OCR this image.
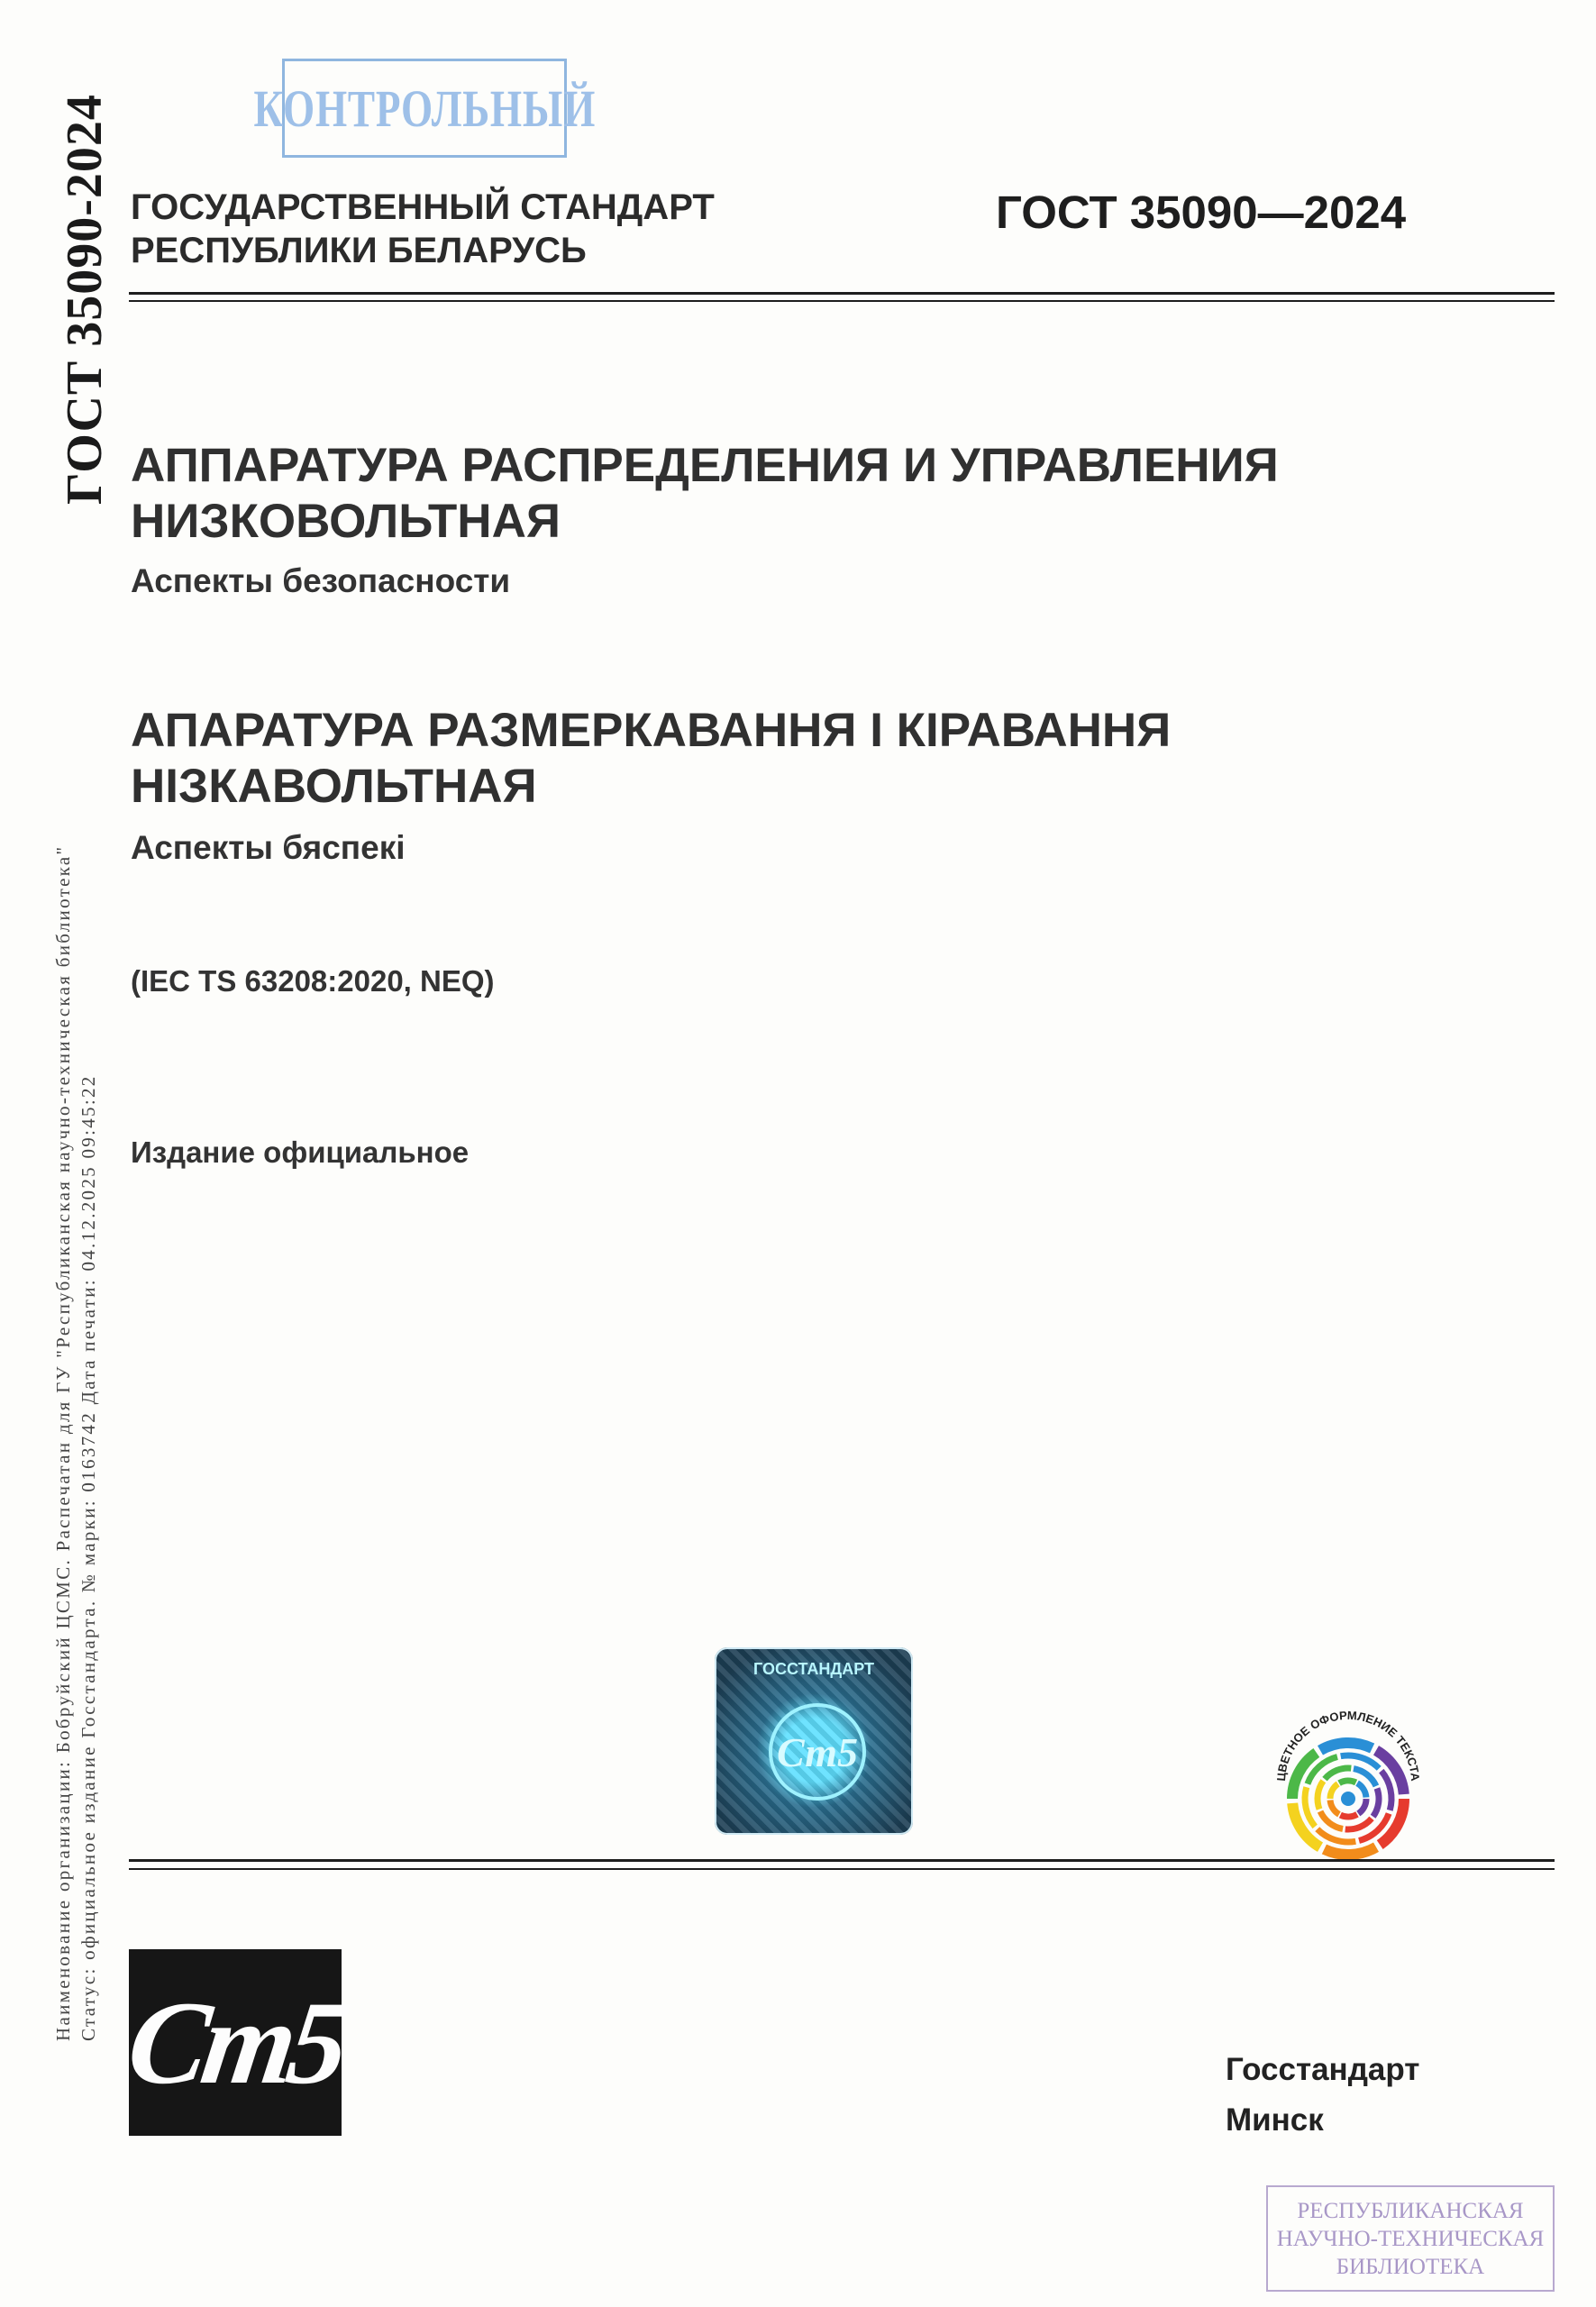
ГОСТ 35090-2024
Наименование организации: Бобруйский ЦСМС. Распечатан для ГУ "Республиканская научно-техническая библиотека" Статус: официальное издание Госстандарта. № марки: 0163742 Дата печати: 04.12.2025 09:45:22
КОНТРОЛЬНЫЙ
ГОСУДАРСТВЕННЫЙ СТАНДАРТ
РЕСПУБЛИКИ БЕЛАРУСЬ
ГОСТ 35090—2024
АППАРАТУРА РАСПРЕДЕЛЕНИЯ И УПРАВЛЕНИЯ
НИЗКОВОЛЬТНАЯ
Аспекты безопасности
АПАРАТУРА РАЗМЕРКАВАННЯ І КІРАВАННЯ
НІЗКАВОЛЬТНАЯ
Аспекты бяспекі
(IEC TS 63208:2020, NEQ)
Издание официальное
ГОССТАНДАРТ
Ст5
ЦВЕТНОЕ ОФОРМЛЕНИЕ ТЕКСТА
Ст5	Госстандарт
Минск
РЕСПУБЛИКАНСКАЯ
НАУЧНО-ТЕХНИЧЕСКАЯ
БИБЛИОТЕКА
